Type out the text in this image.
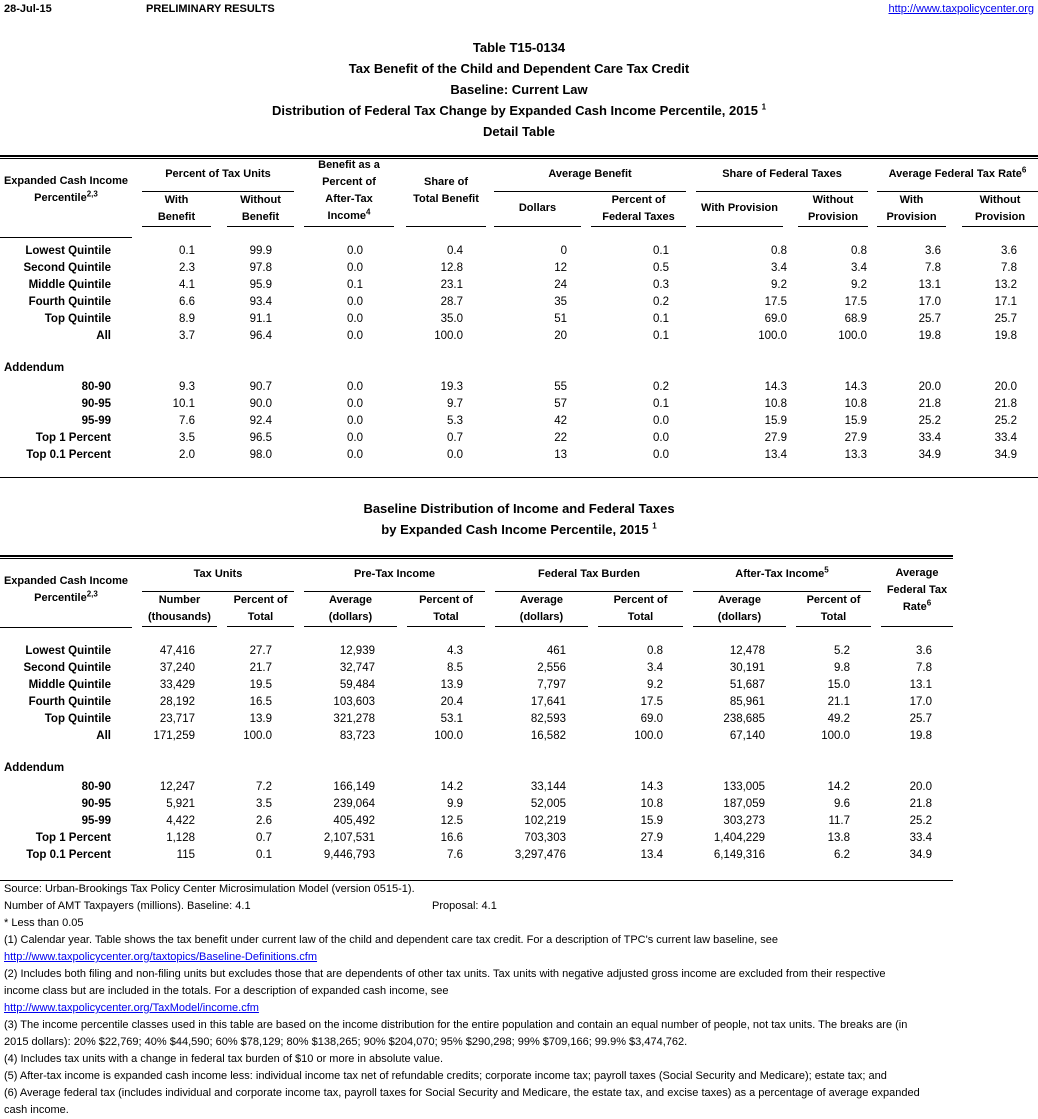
28-Jul-15	PRELIMINARY RESULTS	http://www.taxpolicycenter.org
Table T15-0134
Tax Benefit of the Child and Dependent Care Tax Credit
Baseline: Current Law
Distribution of Federal Tax Change by Expanded Cash Income Percentile, 2015 $^1$
Detail Table
Expanded Cash Income
Percentile$^{2,3}$
Percent of Tax Units
With
Benefit
Without
Benefit
Benefit as a
Percent of
After-Tax
Income$^4$
Share of
Total Benefit
Average Benefit
Dollars
Percent of
Federal Taxes
Share of Federal Taxes
With Provision
Without
Provision
Average Federal Tax Rate$^6$
With
Provision
Without
Provision
Lowest Quintile	0.1	99.9	0.0	0.4	0	0.1	0.8	0.8	3.6	3.6
Second Quintile	2.3	97.8	0.0	12.8	12	0.5	3.4	3.4	7.8	7.8
Middle Quintile	4.1	95.9	0.1	23.1	24	0.3	9.2	9.2	13.1	13.2
Fourth Quintile	6.6	93.4	0.0	28.7	35	0.2	17.5	17.5	17.0	17.1
Top Quintile	8.9	91.1	0.0	35.0	51	0.1	69.0	68.9	25.7	25.7
All	3.7	96.4	0.0	100.0	20	0.1	100.0	100.0	19.8	19.8
Addendum
80-90	9.3	90.7	0.0	19.3	55	0.2	14.3	14.3	20.0	20.0
90-95	10.1	90.0	0.0	9.7	57	0.1	10.8	10.8	21.8	21.8
95-99	7.6	92.4	0.0	5.3	42	0.0	15.9	15.9	25.2	25.2
Top 1 Percent	3.5	96.5	0.0	0.7	22	0.0	27.9	27.9	33.4	33.4
Top 0.1 Percent	2.0	98.0	0.0	0.0	13	0.0	13.4	13.3	34.9	34.9
Baseline Distribution of Income and Federal Taxes
by Expanded Cash Income Percentile, 2015 $^1$
Expanded Cash Income
Percentile$^{2,3}$
Tax Units
Number
(thousands)
Percent of
Total
Pre-Tax Income
Average
(dollars)
Percent of
Total
Federal Tax Burden
Average
(dollars)
Percent of
Total
After-Tax Income$^5$
Average
(dollars)
Percent of
Total
Average
Federal Tax
Rate$^6$
Lowest Quintile	47,416	27.7	12,939	4.3	461	0.8	12,478	5.2	3.6
Second Quintile	37,240	21.7	32,747	8.5	2,556	3.4	30,191	9.8	7.8
Middle Quintile	33,429	19.5	59,484	13.9	7,797	9.2	51,687	15.0	13.1
Fourth Quintile	28,192	16.5	103,603	20.4	17,641	17.5	85,961	21.1	17.0
Top Quintile	23,717	13.9	321,278	53.1	82,593	69.0	238,685	49.2	25.7
All	171,259	100.0	83,723	100.0	16,582	100.0	67,140	100.0	19.8
Addendum
80-90	12,247	7.2	166,149	14.2	33,144	14.3	133,005	14.2	20.0
90-95	5,921	3.5	239,064	9.9	52,005	10.8	187,059	9.6	21.8
95-99	4,422	2.6	405,492	12.5	102,219	15.9	303,273	11.7	25.2
Top 1 Percent	1,128	0.7	2,107,531	16.6	703,303	27.9	1,404,229	13.8	33.4
Top 0.1 Percent	115	0.1	9,446,793	7.6	3,297,476	13.4	6,149,316	6.2	34.9
Source: Urban-Brookings Tax Policy Center Microsimulation Model (version 0515-1).
Number of AMT Taxpayers (millions). Baseline: 4.1	Proposal: 4.1
* Less than 0.05
(1) Calendar year. Table shows the tax benefit under current law of the child and dependent care tax credit. For a description of TPC's current law baseline, see
http://www.taxpolicycenter.org/taxtopics/Baseline-Definitions.cfm
(2) Includes both filing and non-filing units but excludes those that are dependents of other tax units. Tax units with negative adjusted gross income are excluded from their respective
income class but are included in the totals. For a description of expanded cash income, see
http://www.taxpolicycenter.org/TaxModel/income.cfm
(3) The income percentile classes used in this table are based on the income distribution for the entire population and contain an equal number of people, not tax units. The breaks are (in
2015 dollars): 20% $22,769; 40% $44,590; 60% $78,129; 80% $138,265; 90% $204,070; 95% $290,298; 99% $709,166; 99.9% $3,474,762.
(4) Includes tax units with a change in federal tax burden of $10 or more in absolute value.
(5) After-tax income is expanded cash income less: individual income tax net of refundable credits; corporate income tax; payroll taxes (Social Security and Medicare); estate tax; and
(6) Average federal tax (includes individual and corporate income tax, payroll taxes for Social Security and Medicare, the estate tax, and excise taxes) as a percentage of average expanded
cash income.
